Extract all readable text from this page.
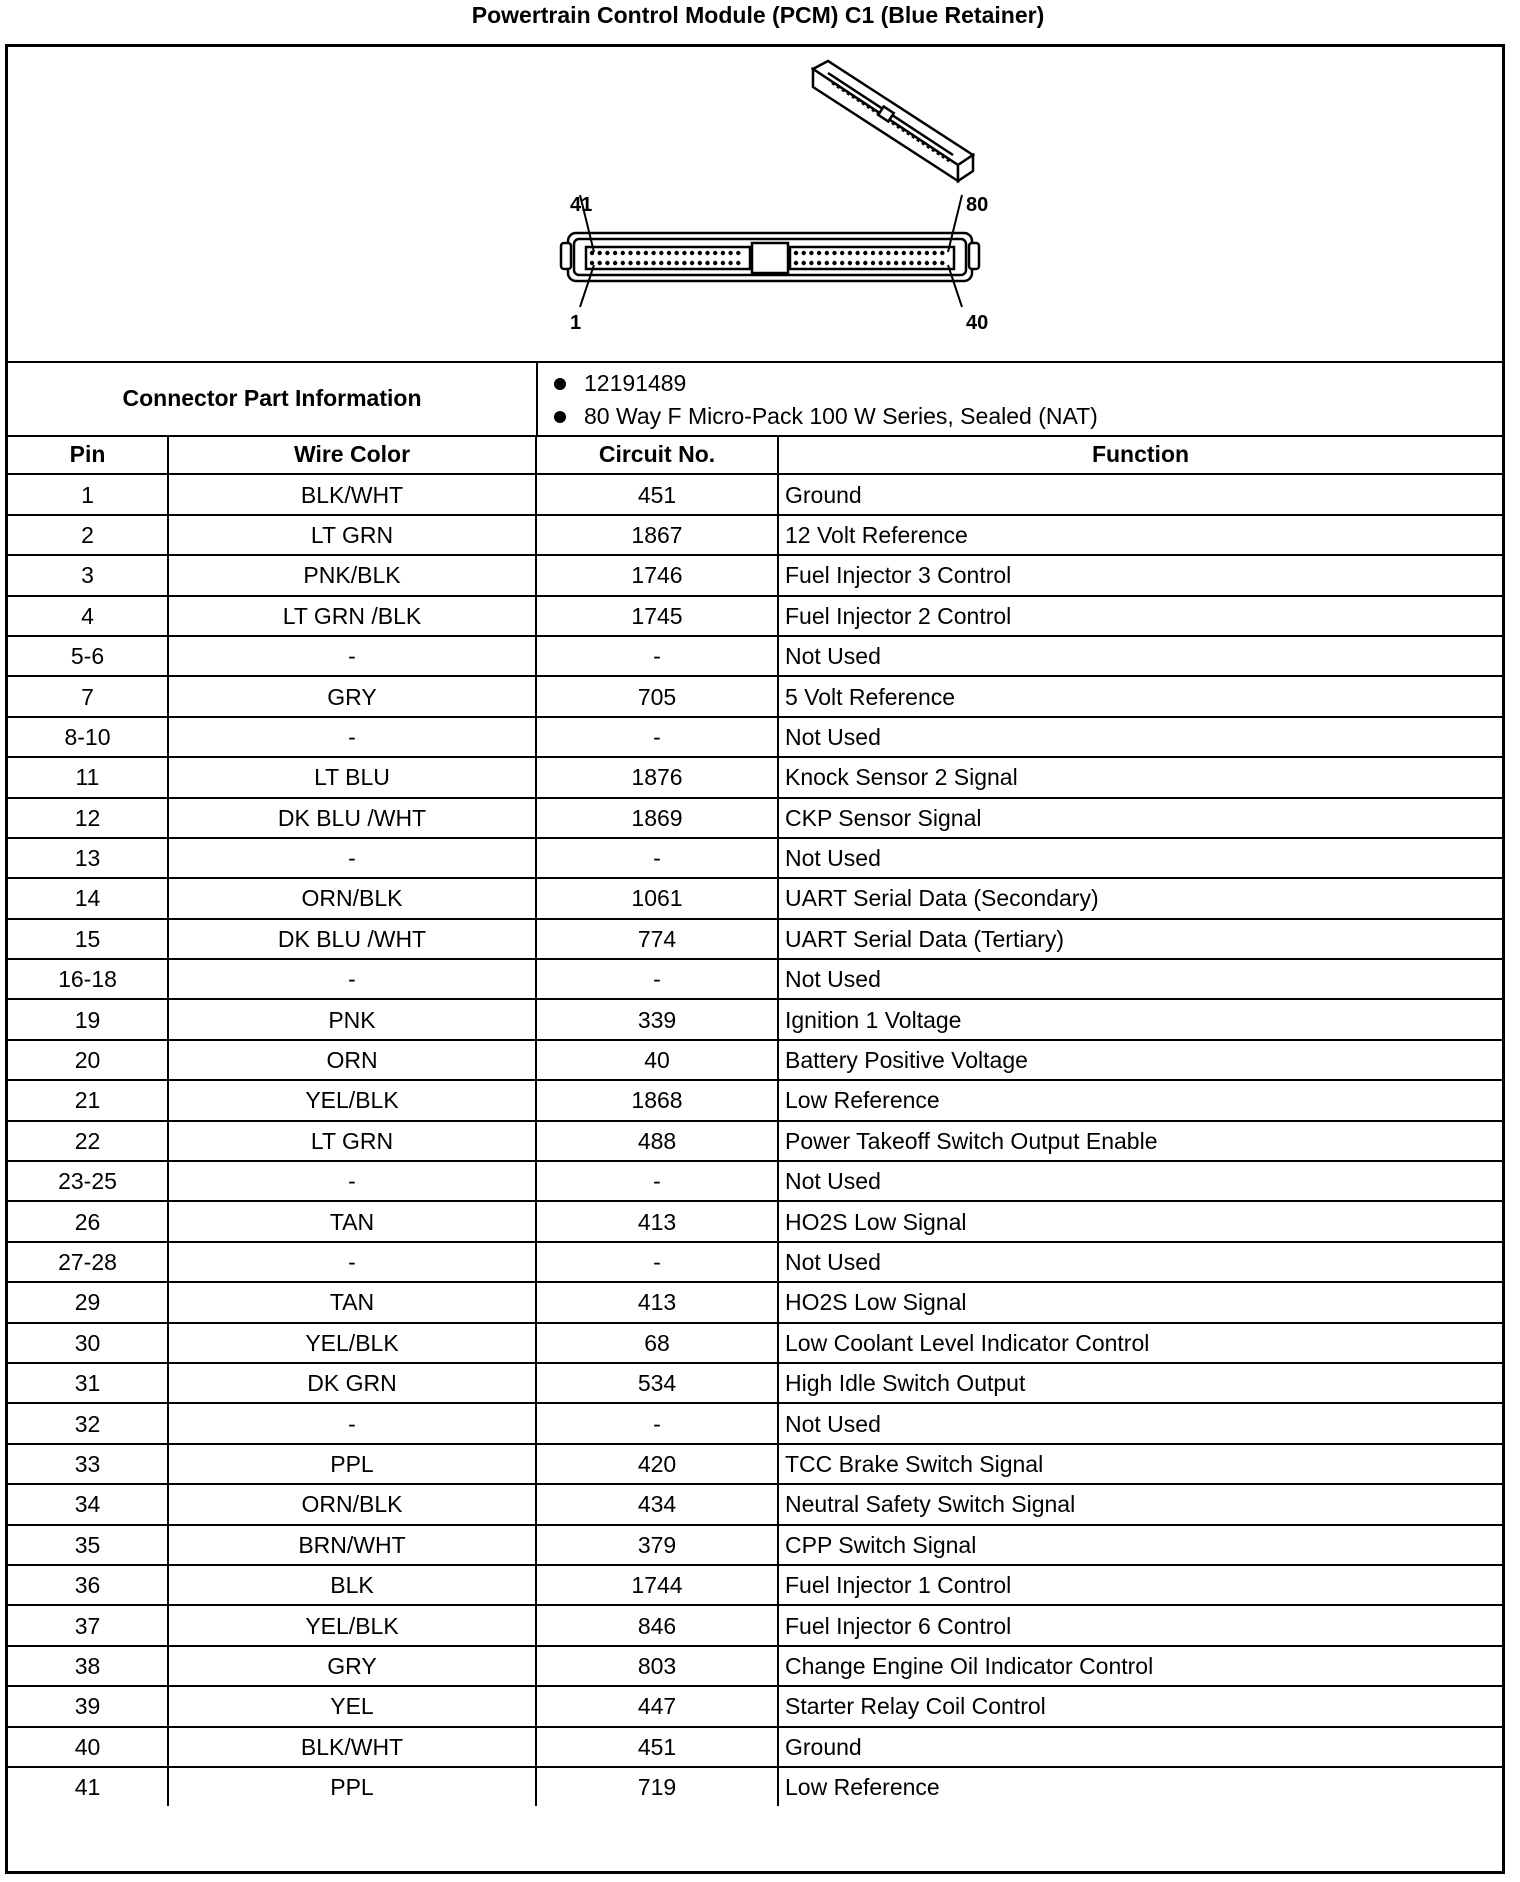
Powertrain Control Module (PCM) C1 (Blue Retainer)
41	80
1	40
Connector Part Information
12191489
80 Way F Micro-Pack 100 W Series, Sealed (NAT)
Pin	Wire Color	Circuit No.	Function
1	BLK/WHT	451	Ground
2	LT GRN	1867	12 Volt Reference
3	PNK/BLK	1746	Fuel Injector 3 Control
4	LT GRN /BLK	1745	Fuel Injector 2 Control
5-6	-	-	Not Used
7	GRY	705	5 Volt Reference
8-10	-	-	Not Used
11	LT BLU	1876	Knock Sensor 2 Signal
12	DK BLU /WHT	1869	CKP Sensor Signal
13	-	-	Not Used
14	ORN/BLK	1061	UART Serial Data (Secondary)
15	DK BLU /WHT	774	UART Serial Data (Tertiary)
16-18	-	-	Not Used
19	PNK	339	Ignition 1 Voltage
20	ORN	40	Battery Positive Voltage
21	YEL/BLK	1868	Low Reference
22	LT GRN	488	Power Takeoff Switch Output Enable
23-25	-	-	Not Used
26	TAN	413	HO2S Low Signal
27-28	-	-	Not Used
29	TAN	413	HO2S Low Signal
30	YEL/BLK	68	Low Coolant Level Indicator Control
31	DK GRN	534	High Idle Switch Output
32	-	-	Not Used
33	PPL	420	TCC Brake Switch Signal
34	ORN/BLK	434	Neutral Safety Switch Signal
35	BRN/WHT	379	CPP Switch Signal
36	BLK	1744	Fuel Injector 1 Control
37	YEL/BLK	846	Fuel Injector 6 Control
38	GRY	803	Change Engine Oil Indicator Control
39	YEL	447	Starter Relay Coil Control
40	BLK/WHT	451	Ground
41	PPL	719	Low Reference
